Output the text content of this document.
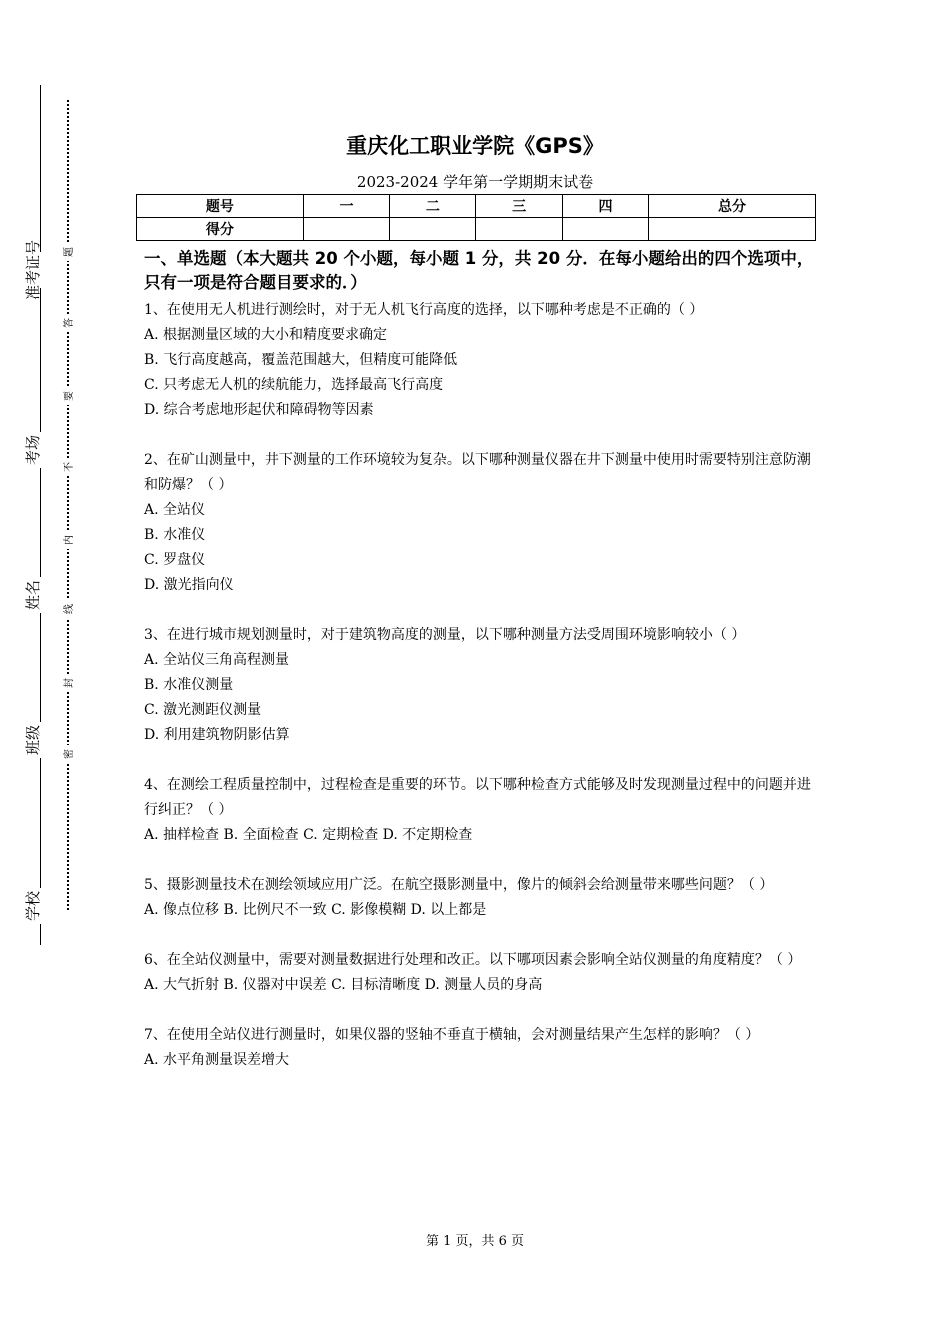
准考证号
考场
姓名
班级
学校
题
答
要
不
内
线
封
密
重庆化工职业学院《GPS》
2023-2024 学年第一学期期末试卷
题号	一	二	三	四	总分
得分					
一、单选题（本大题共 20 个小题，每小题 1 分，共 20 分．在每小题给出的四个选项中，只有一项是符合题目要求的．）

1、在使用无人机进行测绘时，对于无人机飞行高度的选择，以下哪种考虑是不正确的（ ）

A. 根据测量区域的大小和精度要求确定

B. 飞行高度越高，覆盖范围越大，但精度可能降低

C. 只考虑无人机的续航能力，选择最高飞行高度

D. 综合考虑地形起伏和障碍物等因素

2、在矿山测量中，井下测量的工作环境较为复杂。以下哪种测量仪器在井下测量中使用时需要特别注意防潮和防爆？（ ）

A. 全站仪

B. 水准仪

C. 罗盘仪

D. 激光指向仪

3、在进行城市规划测量时，对于建筑物高度的测量，以下哪种测量方法受周围环境影响较小（ ）

A. 全站仪三角高程测量

B. 水准仪测量

C. 激光测距仪测量

D. 利用建筑物阴影估算

4、在测绘工程质量控制中，过程检查是重要的环节。以下哪种检查方式能够及时发现测量过程中的问题并进行纠正？（ ）

A. 抽样检查 B. 全面检查 C. 定期检查 D. 不定期检查

5、摄影测量技术在测绘领域应用广泛。在航空摄影测量中，像片的倾斜会给测量带来哪些问题？（ ）

A. 像点位移 B. 比例尺不一致 C. 影像模糊 D. 以上都是

6、在全站仪测量中，需要对测量数据进行处理和改正。以下哪项因素会影响全站仪测量的角度精度？（ ）

A. 大气折射 B. 仪器对中误差 C. 目标清晰度 D. 测量人员的身高

7、在使用全站仪进行测量时，如果仪器的竖轴不垂直于横轴，会对测量结果产生怎样的影响？（ ）

A. 水平角测量误差增大

第 1 页，共 6 页
